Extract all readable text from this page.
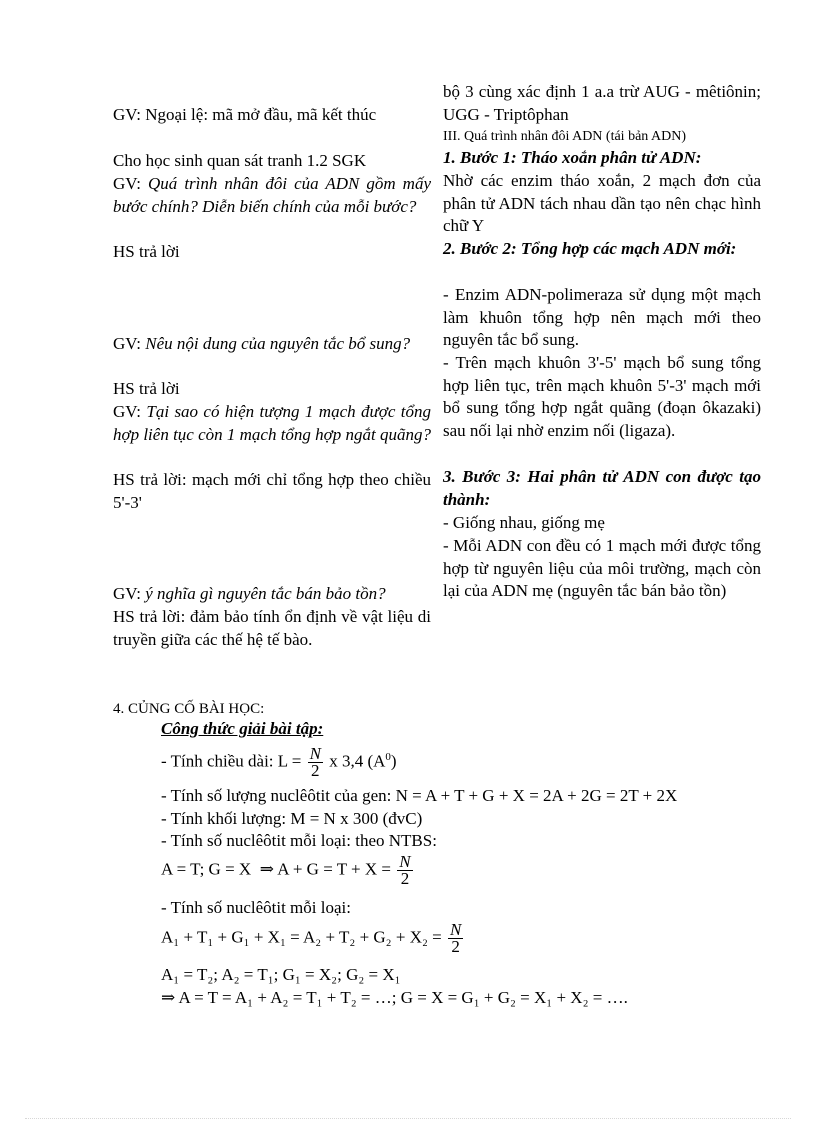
GV: Ngoại lệ: mã mở đầu, mã kết thúc
Cho học sinh quan sát tranh 1.2 SGK
GV: Quá trình nhân đôi của ADN gồm mấy bước chính? Diễn biến chính của mỗi bước?
HS trả lời
GV: Nêu nội dung của nguyên tắc bổ sung?
HS trả lời
GV: Tại sao có hiện tượng 1 mạch được tổng hợp liên tục còn 1 mạch tổng hợp ngắt quãng?
HS trả lời: mạch mới chỉ tổng hợp theo chiều 5'-3'
GV: ý nghĩa gì nguyên tắc bán bảo tồn?
HS trả lời: đảm bảo tính ổn định về vật liệu di truyền giữa các thế hệ tế bào.
bộ 3 cùng xác định 1 a.a trừ AUG - mêtiônin; UGG - Triptôphan
III. Quá trình nhân đôi ADN (tái bản ADN)
1. Bước 1: Tháo xoắn phân tử ADN:
Nhờ các enzim tháo xoắn, 2 mạch đơn của phân tử ADN tách nhau dần tạo nên chạc hình chữ Y
2. Bước 2: Tổng hợp các mạch ADN mới:
- Enzim ADN-polimeraza sử dụng một mạch làm khuôn tổng hợp nên mạch mới theo nguyên tắc bổ sung.
- Trên mạch khuôn 3'-5' mạch bổ sung tổng hợp liên tục, trên mạch khuôn 5'-3' mạch mới bổ sung tổng hợp ngắt quãng (đoạn ôkazaki) sau nối lại nhờ enzim nối (ligaza).
3. Bước 3: Hai phân tử ADN con được tạo thành:
- Giống nhau, giống mẹ
- Mỗi ADN con đều có 1 mạch mới được tổng hợp từ nguyên liệu của môi trường, mạch còn lại của ADN mẹ (nguyên tắc bán bảo tồn)
4. CỦNG CỐ BÀI HỌC:
Công thức giải bài tập:
- Tính chiều dài: $L = \frac{N}{2}$ x 3,4 $(A^0)$
- Tính số lượng nuclêôtit của gen: N = A + T + G + X = 2A + 2G = 2T + 2X
- Tính khối lượng: M = N x 300 (đvC)
- Tính số nuclêôtit mỗi loại: theo NTBS:
A = T; G = X ⇒ $A + G = T + X = \frac{N}{2}$
- Tính số nuclêôtit mỗi loại:
$A_1 + T_1 + G_1 + X_1 = A_2 + T_2 + G_2 + X_2 = \frac{N}{2}$
A₁ = T₂; A₂ = T₁; G₁ = X₂; G₂ = X₁
⇒ A = T = A₁ + A₂ = T₁ + T₂ = …; G = X = G₁ + G₂ = X₁ + X₂ = ….
